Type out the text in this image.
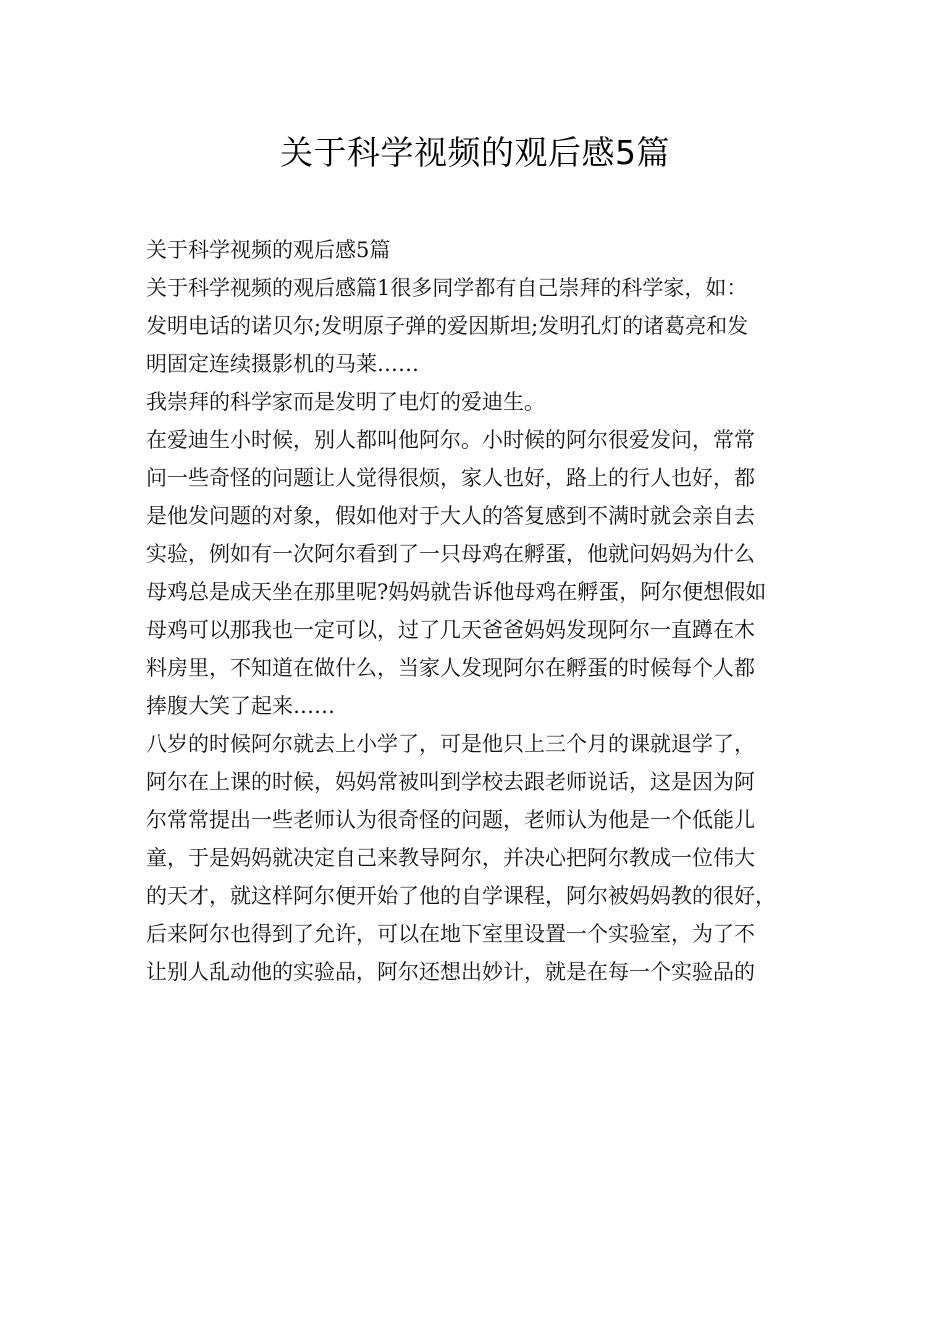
关于科学视频的观后感5篇
关于科学视频的观后感5篇
关于科学视频的观后感篇1很多同学都有自己崇拜的科学家，如：
发明电话的诺贝尔;发明原子弹的爱因斯坦;发明孔灯的诸葛亮和发
明固定连续摄影机的马莱……
我崇拜的科学家而是发明了电灯的爱迪生。
在爱迪生小时候，别人都叫他阿尔。小时候的阿尔很爱发问，常常
问一些奇怪的问题让人觉得很烦，家人也好，路上的行人也好，都
是他发问题的对象，假如他对于大人的答复感到不满时就会亲自去
实验，例如有一次阿尔看到了一只母鸡在孵蛋，他就问妈妈为什么
母鸡总是成天坐在那里呢?妈妈就告诉他母鸡在孵蛋，阿尔便想假如
母鸡可以那我也一定可以，过了几天爸爸妈妈发现阿尔一直蹲在木
料房里，不知道在做什么，当家人发现阿尔在孵蛋的时候每个人都
捧腹大笑了起来……
八岁的时候阿尔就去上小学了，可是他只上三个月的课就退学了，
阿尔在上课的时候，妈妈常被叫到学校去跟老师说话，这是因为阿
尔常常提出一些老师认为很奇怪的问题，老师认为他是一个低能儿
童，于是妈妈就决定自己来教导阿尔，并决心把阿尔教成一位伟大
的天才，就这样阿尔便开始了他的自学课程，阿尔被妈妈教的很好，
后来阿尔也得到了允许，可以在地下室里设置一个实验室，为了不
让别人乱动他的实验品，阿尔还想出妙计，就是在每一个实验品的
